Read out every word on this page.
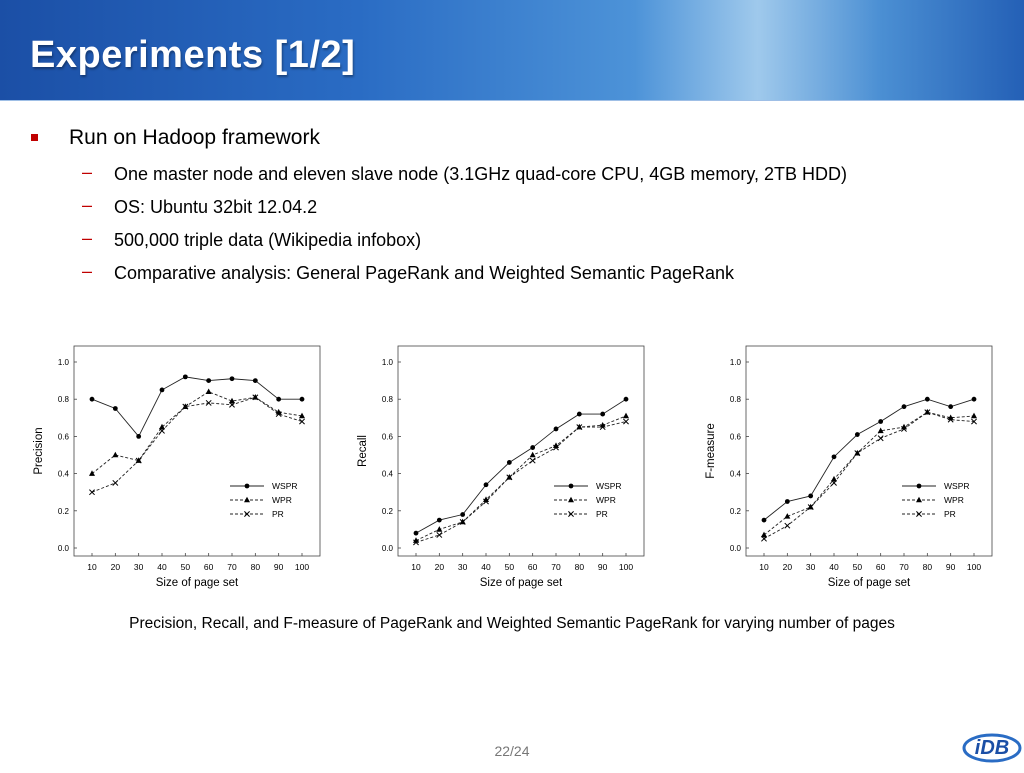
Experiments [1/2]
Run on Hadoop framework
– One master node and eleven slave node (3.1GHz quad-core CPU, 4GB memory, 2TB HDD)
– OS: Ubuntu 32bit 12.04.2
– 500,000 triple data (Wikipedia infobox)
– Comparative analysis: General PageRank and Weighted Semantic PageRank
0.0
0.2
0.4
0.6
0.8
1.0
10 20 30 40 50 60 70 80 90 100
Size of page set
Precision
WSPR
WPR
PR
0.0
0.2
0.4
0.6
0.8
1.0
10 20 30 40 50 60 70 80 90 100
Size of page set
Recall
WSPR
WPR
PR
0.0
0.2
0.4
0.6
0.8
1.0
10 20 30 40 50 60 70 80 90 100
Size of page set
F-measure
WSPR
WPR
PR
Precision, Recall, and F-measure of PageRank and Weighted Semantic PageRank for varying number of pages
22/24	iDB
